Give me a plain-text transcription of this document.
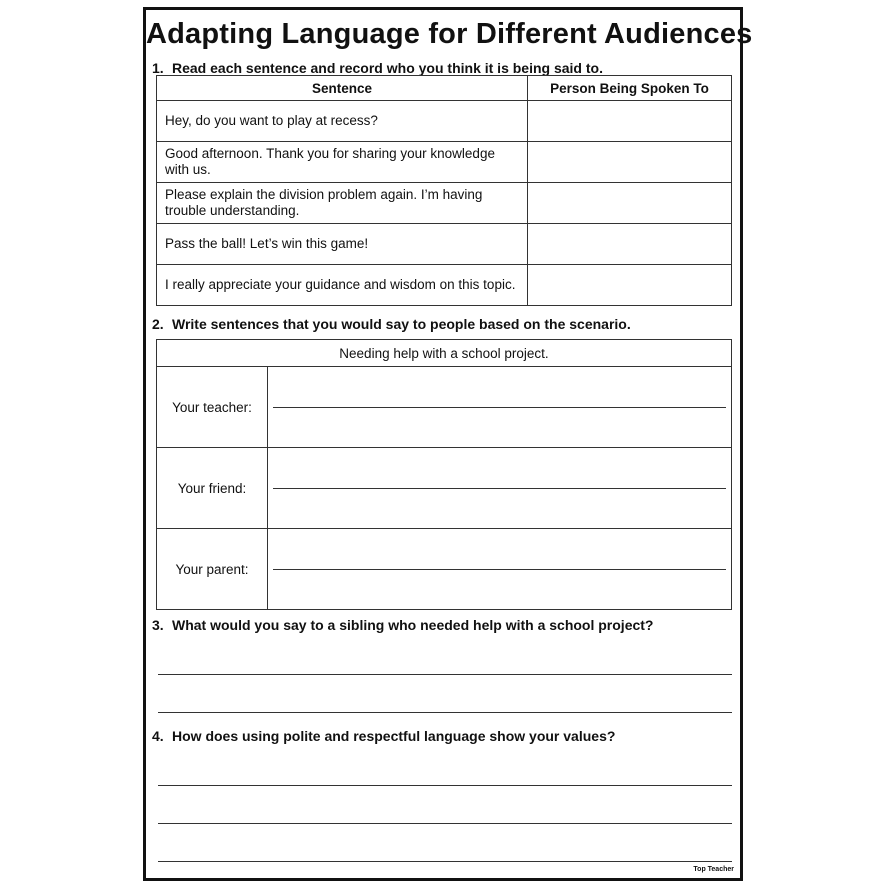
Adapting Language for Different Audiences
1. Read each sentence and record who you think it is being said to.
Sentence	Person Being Spoken To
Hey, do you want to play at recess?	
Good afternoon. Thank you for sharing your knowledge with us.	
Please explain the division problem again. I’m having trouble understanding.	
Pass the ball! Let’s win this game!	
I really appreciate your guidance and wisdom on this topic.	
2. Write sentences that you would say to people based on the scenario.
Needing help with a school project.	
Your teacher:	

Your friend:	

Your parent:	
3. What would you say to a sibling who needed help with a school project?
4. How does using polite and respectful language show your values?
Top Teacher
